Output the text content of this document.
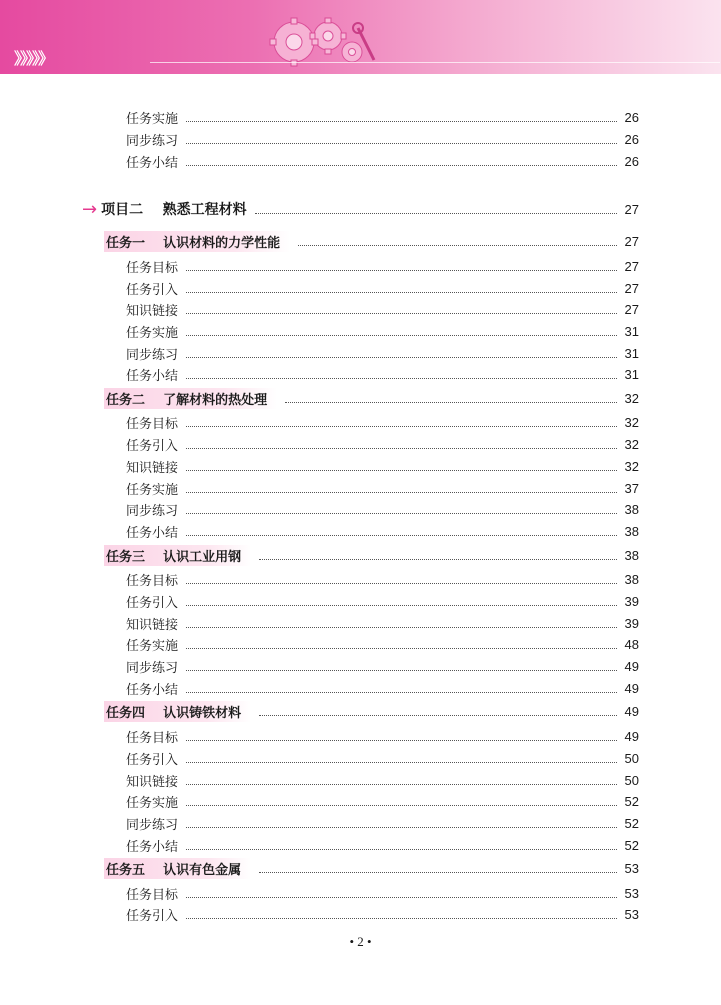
》》》》》
任务实施	26
同步练习	26
任务小结	26
→ 项目二    熟悉工程材料	27
任务一    认识材料的力学性能	27
任务目标	27
任务引入	27
知识链接	27
任务实施	31
同步练习	31
任务小结	31
任务二    了解材料的热处理	32
任务目标	32
任务引入	32
知识链接	32
任务实施	37
同步练习	38
任务小结	38
任务三    认识工业用钢	38
任务目标	38
任务引入	39
知识链接	39
任务实施	48
同步练习	49
任务小结	49
任务四    认识铸铁材料	49
任务目标	49
任务引入	50
知识链接	50
任务实施	52
同步练习	52
任务小结	52
任务五    认识有色金属	53
任务目标	53
任务引入	53
• 2 •
